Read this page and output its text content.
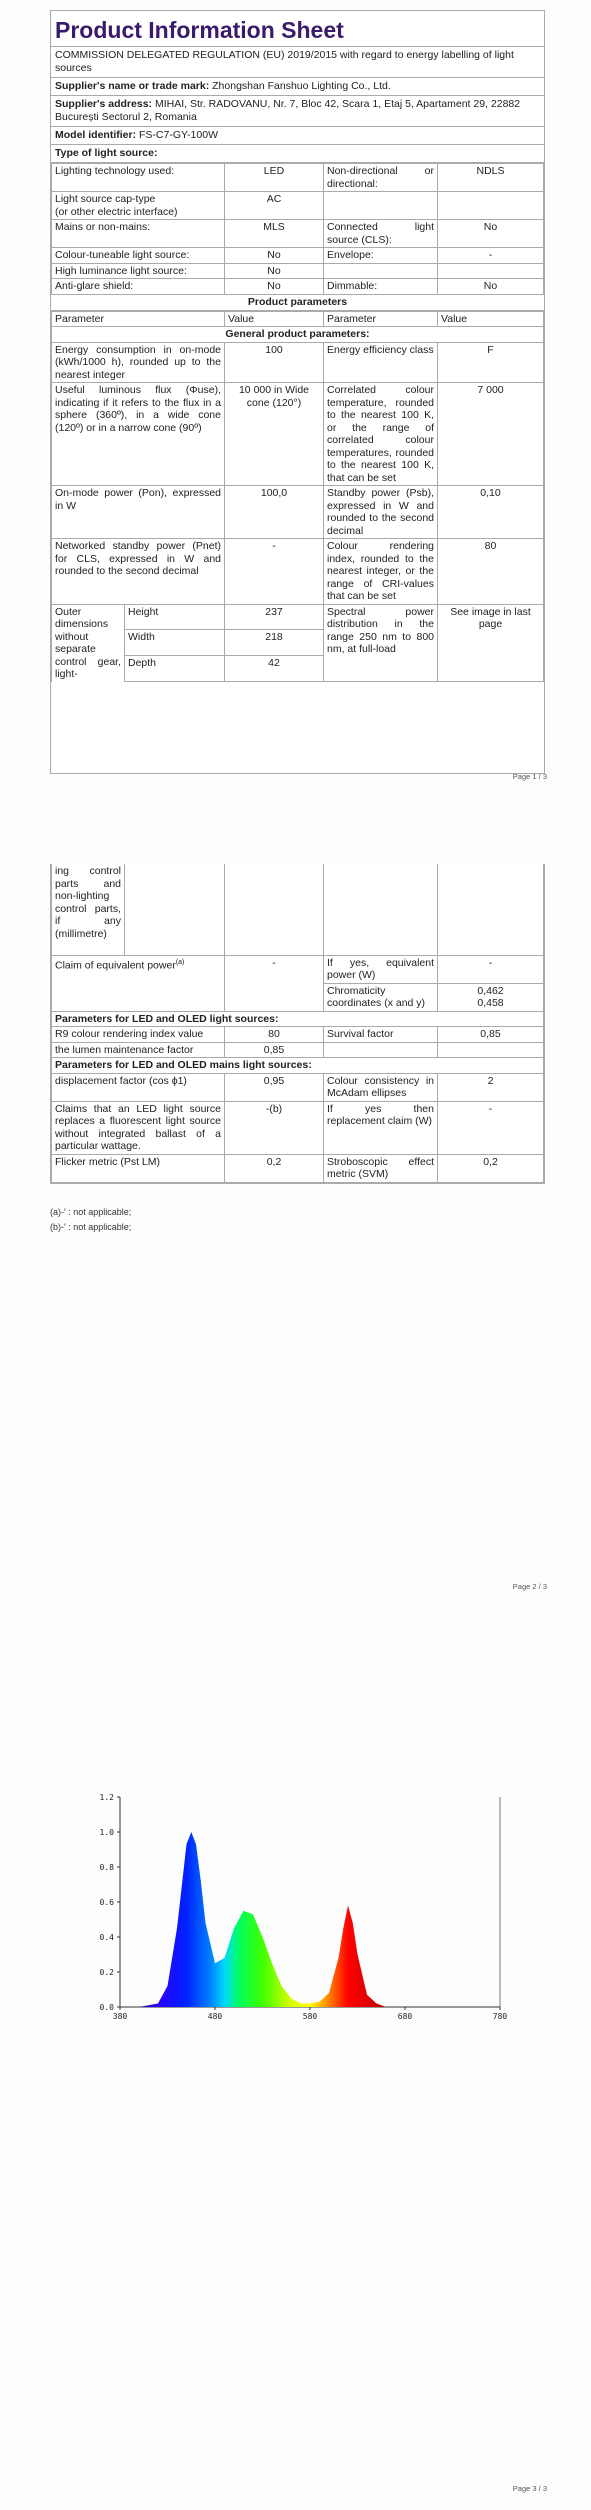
Product Information Sheet
COMMISSION DELEGATED REGULATION (EU) 2019/2015 with regard to energy labelling of light sources
Supplier's name or trade mark: Zhongshan Fanshuo Lighting Co., Ltd.
Supplier's address: MIHAI, Str. RADOVANU, Nr. 7, Bloc 42, Scara 1, Etaj 5, Apartament 29, 22882 București Sectorul 2, Romania
Model identifier: FS-C7-GY-100W
Type of light source:
Lighting technology used:	LED	Non-directional or directional:	NDLS
Light source cap-type
(or other electric interface)	AC		
Mains or non-mains:	MLS	Connected light source (CLS):	No
Colour-tuneable light source:	No	Envelope:	-
High luminance light source:	No		
Anti-glare shield:	No	Dimmable:	No
Product parameters
Parameter	Value	Parameter	Value
General product parameters:			
Energy consumption in on-mode (kWh/1000 h), rounded up to the nearest integer	100	Energy efficiency class	F
Useful luminous flux (Φuse), indicating if it refers to the flux in a sphere (360º), in a wide cone (120º) or in a narrow cone (90º)	10 000 in Wide cone (120°)	Correlated colour temperature, rounded to the nearest 100 K, or the range of correlated colour temperatures, rounded to the nearest 100 K, that can be set	7 000
On-mode power (Pon), expressed in W	100,0	Standby power (Psb), expressed in W and rounded to the second decimal	0,10
Networked standby power (Pnet) for CLS, expressed in W and rounded to the second decimal	-	Colour rendering index, rounded to the nearest integer, or the range of CRI-values that can be set	80
Outer dimensions without separate control gear, light-	Height	237	Spectral power distribution in the range 250 nm to 800 nm, at full-load	See image in last page
	Width	218		
	Depth	42		
Page 1 / 3
ing control parts and non-lighting control parts, if any (millimetre)				
Claim of equivalent power$^{(a)}$	-	If yes, equivalent power (W)	-
		Chromaticity coordinates (x and y)	0,462
0,458

Parameters for LED and OLED light sources:			
R9 colour rendering index value	80	Survival factor	0,85
the lumen maintenance factor	0,85		
Parameters for LED and OLED mains light sources:			
displacement factor (cos ϕ1)	0,95	Colour consistency in McAdam ellipses	2
Claims that an LED light source replaces a fluorescent light source without integrated ballast of a particular wattage.	-(b)	If yes then replacement claim (W)	-
Flicker metric (Pst LM)	0,2	Stroboscopic effect metric (SVM)	0,2
(a)-' : not applicable;
(b)-' : not applicable;
Page 2 / 3
0.0
0.2
0.4
0.6
0.8
1.0
1.2
380	480	580	680	780
Page 3 / 3
